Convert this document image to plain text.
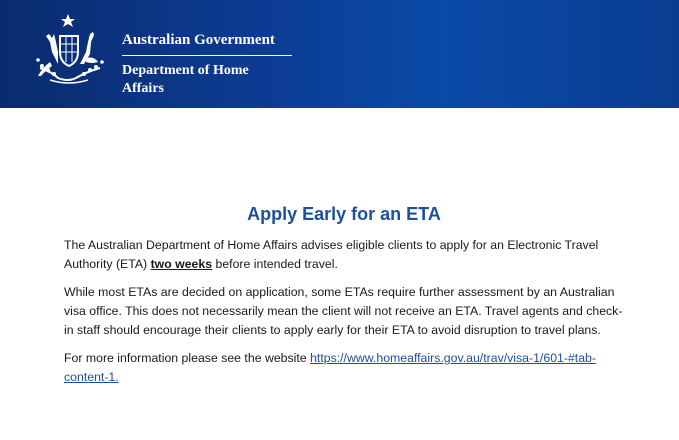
Australian Government
Department of Home Affairs
Apply Early for an ETA

The Australian Department of Home Affairs advises eligible clients to apply for an Electronic Travel Authority (ETA) two weeks before intended travel.

While most ETAs are decided on application, some ETAs require further assessment by an Australian visa office. This does not necessarily mean the client will not receive an ETA. Travel agents and check-in staff should encourage their clients to apply early for their ETA to avoid disruption to travel plans.

For more information please see the website https://www.homeaffairs.gov.au/trav/visa-1/601-#tab-content-1.
